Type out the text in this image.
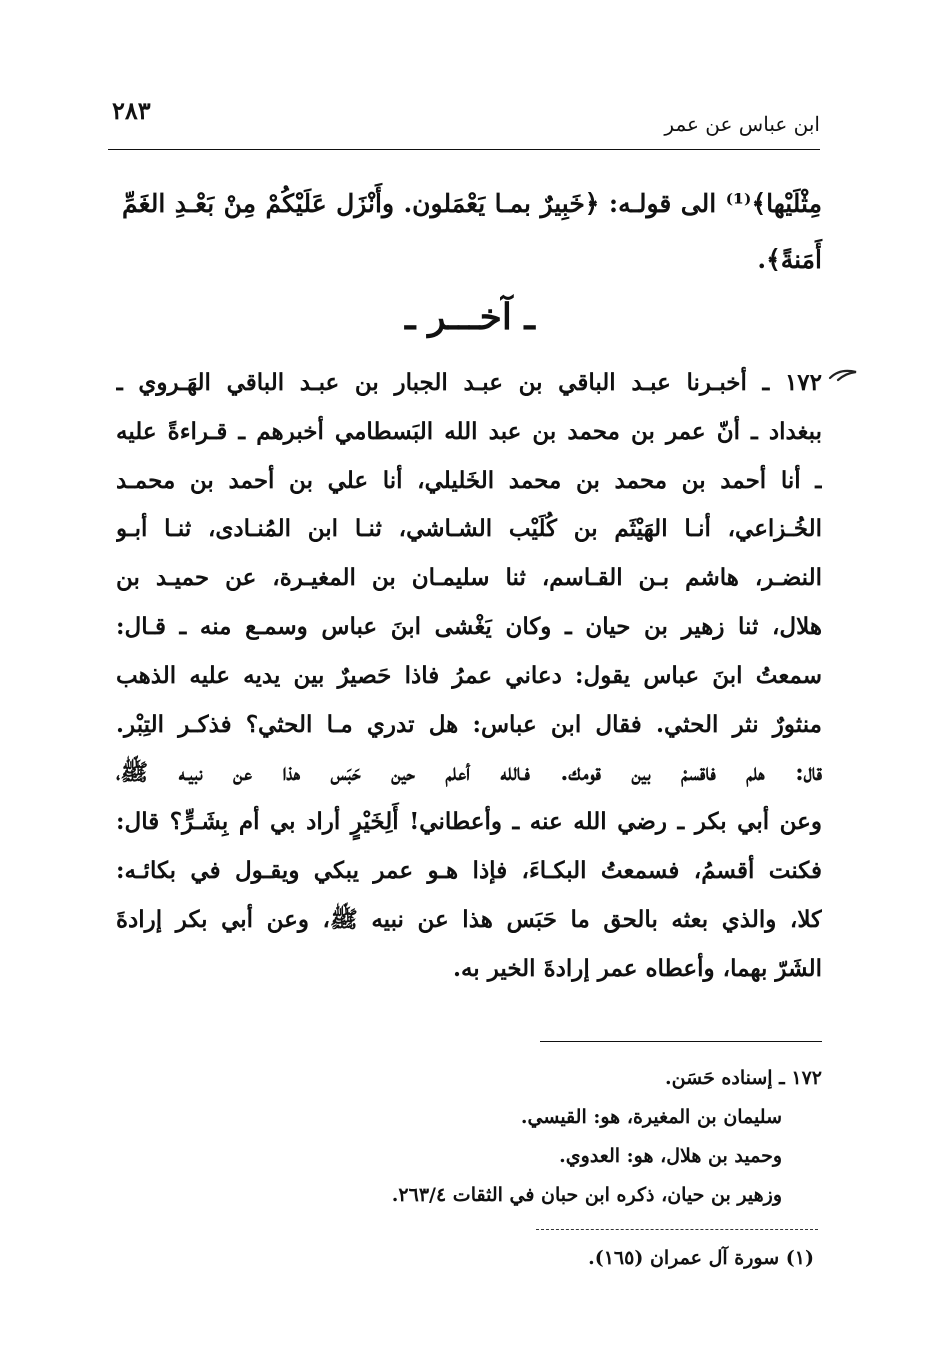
٢٨٣	ابن عباس عن عمر

مِثْلَيْها﴾⁽¹⁾ الى قولـه: ﴿خَبِيرٌ بمـا يَعْمَلون. وأَنْزَل عَلَيْكُمْ مِنْ بَعْـدِ الغَمِّ أَمَنةً﴾.

ـ آخـــر ـ
١٧٢ ـ أخبـرنا عبـد الباقي بن عبـد الجبار بن عبـد الباقي الهَـروي ـ
ببغداد ـ أنّ عمر بن محمد بن عبد الله البَسطامي أخبرهم ـ قـراءةً عليه
ـ أنا أحمد بن محمد بن محمد الخَليلي، أنا علي بن أحمد بن محمـد
الخُـزاعي، أنـا الهَيْثَم بن كُلَيْب الشـاشي، ثنـا ابن المُنـادى، ثنـا أبـو
النضـر، هاشم بـن القـاسم، ثنا سليمـان بن المغيـرة، عن حميـد بن
هلال، ثنا زهير بن حيان ـ وكان يَغْشى ابنَ عباس وسمـع منه ـ قـال:
سمعتُ ابنَ عباس يقول: دعاني عمرُ فاذا حَصيرٌ بين يديه عليه الذهب
منثورٌ نثر الحثي. فقال ابن عباس: هل تدري مـا الحثي؟ فذكـر التِبْر.
قال: هلم فاقسمْ بين قومك. فـالله أعلم حين حَبَس هذا عن نبيـه ﷺ،
وعن أبي بكر ـ رضي الله عنه ـ وأعطاني! أَلِخَيْرٍ أراد بي أم بِشَـرٍّ؟ قال:
فكنت أقسمُ، فسمعتُ البكـاءَ، فإذا هـو عمر يبكي ويقـول في بكائـه:
كلا، والذي بعثه بالحق ما حَبَس هذا عن نبيه ﷺ، وعن أبي بكر إرادةَ
الشَرّ بهما، وأعطاه عمر إرادةَ الخير به.
١٧٢ ـ إسناده حَسَن.
سليمان بن المغيرة، هو: القيسي.
وحميد بن هلال، هو: العدوي.
وزهير بن حيان، ذكره ابن حبان في الثقات ٢٦٣/٤.
(١) سورة آل عمران (١٦٥).
